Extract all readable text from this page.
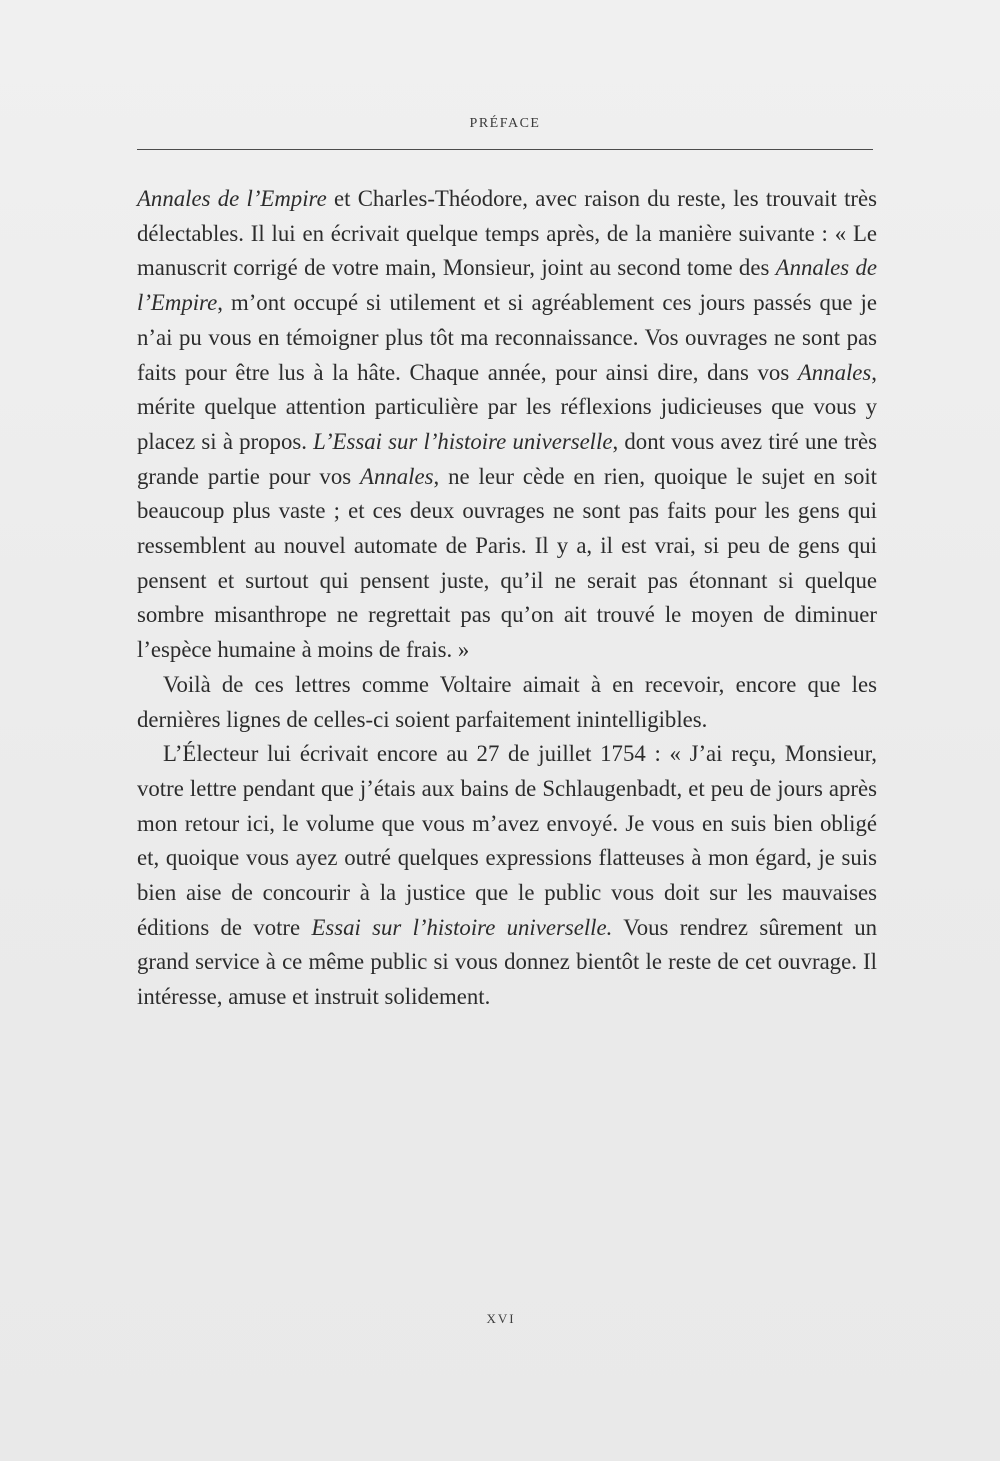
PRÉFACE

Annales de l’Empire et Charles-Théodore, avec raison du reste, les trouvait très délectables. Il lui en écrivait quelque temps après, de la manière suivante : « Le manuscrit corrigé de votre main, Monsieur, joint au second tome des Annales de l’Empire, m’ont occupé si utilement et si agréablement ces jours passés que je n’ai pu vous en témoigner plus tôt ma reconnaissance. Vos ouvrages ne sont pas faits pour être lus à la hâte. Chaque année, pour ainsi dire, dans vos Annales, mérite quelque attention particulière par les réflexions judicieuses que vous y placez si à propos. L’Essai sur l’histoire universelle, dont vous avez tiré une très grande partie pour vos Annales, ne leur cède en rien, quoique le sujet en soit beaucoup plus vaste ; et ces deux ouvrages ne sont pas faits pour les gens qui ressemblent au nouvel automate de Paris. Il y a, il est vrai, si peu de gens qui pensent et surtout qui pensent juste, qu’il ne serait pas étonnant si quelque sombre misanthrope ne regrettait pas qu’on ait trouvé le moyen de diminuer l’espèce humaine à moins de frais. »

Voilà de ces lettres comme Voltaire aimait à en recevoir, encore que les dernières lignes de celles-ci soient parfaitement inintelligibles.

L’Électeur lui écrivait encore au 27 de juillet 1754 : « J’ai reçu, Monsieur, votre lettre pendant que j’étais aux bains de Schlaugenbadt, et peu de jours après mon retour ici, le volume que vous m’avez envoyé. Je vous en suis bien obligé et, quoique vous ayez outré quelques expressions flatteuses à mon égard, je suis bien aise de concourir à la justice que le public vous doit sur les mauvaises éditions de votre Essai sur l’histoire universelle. Vous rendrez sûrement un grand service à ce même public si vous donnez bientôt le reste de cet ouvrage. Il intéresse, amuse et instruit solidement.

XVI
